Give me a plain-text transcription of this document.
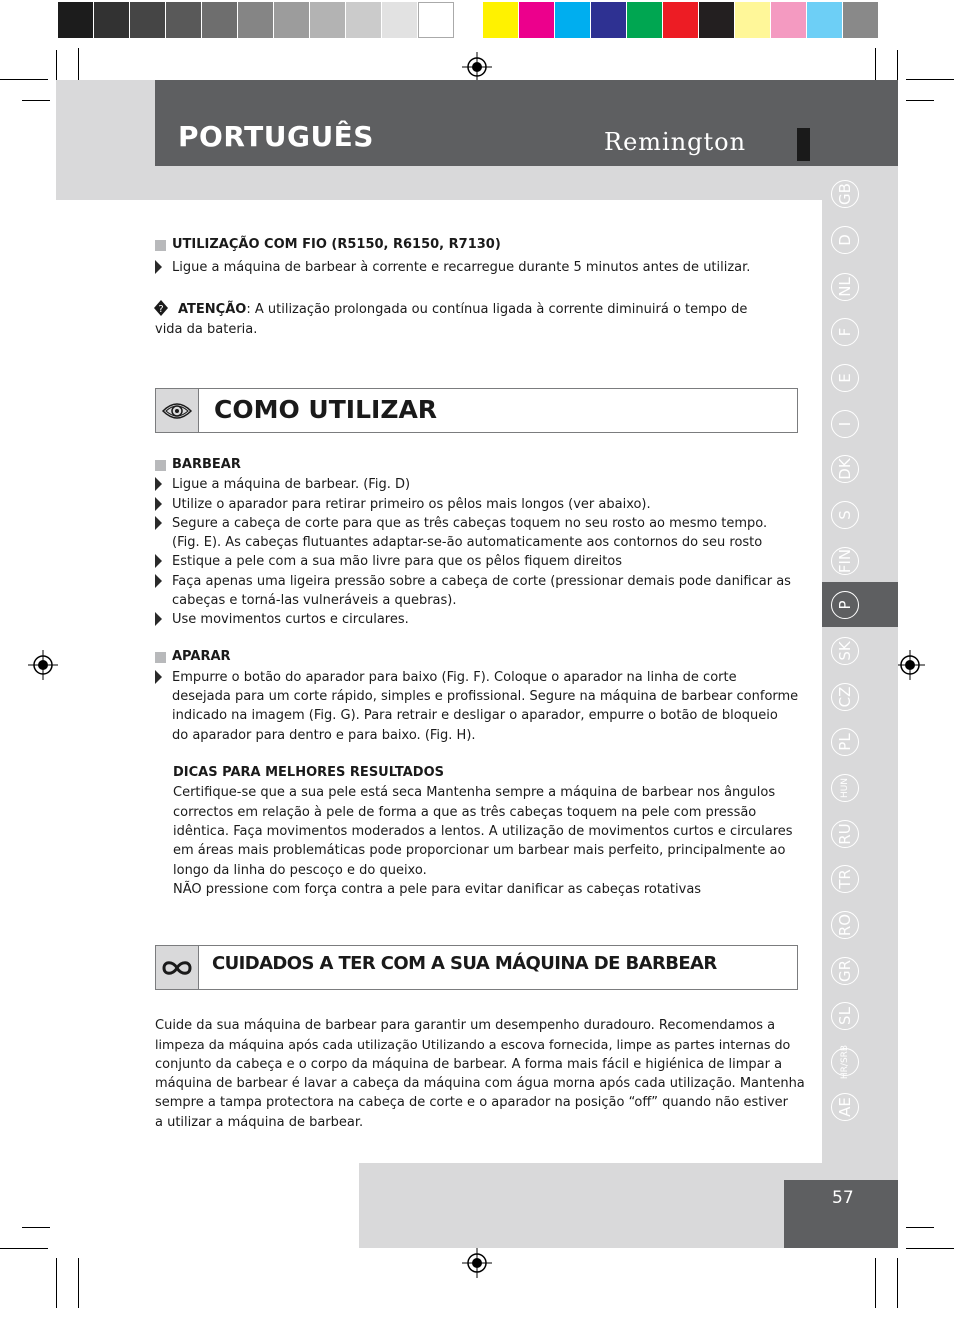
PORTUGUÊS	Remington
GB
D
NL
F
E
I
DK
S
FIN
P
SK
CZ
PL
HUN
RU
TR
RO
GR
SL
HR/SRB
AE
UTILIZAÇÃO COM FIO (R5150, R6150, R7130)
Ligue a máquina de barbear à corrente e recarregue durante 5 minutos antes de utilizar.
? ATENÇÃO: A utilização prolongada ou contínua ligada à corrente diminuirá o tempo de
vida da bateria.
COMO UTILIZAR
BARBEAR
Ligue a máquina de barbear. (Fig. D)
Utilize o aparador para retirar primeiro os pêlos mais longos (ver abaixo).
Segure a cabeça de corte para que as três cabeças toquem no seu rosto ao mesmo tempo.
(Fig. E). As cabeças flutuantes adaptar-se-ão automaticamente aos contornos do seu rosto
Estique a pele com a sua mão livre para que os pêlos fiquem direitos
Faça apenas uma ligeira pressão sobre a cabeça de corte (pressionar demais pode danificar as
cabeças e torná-las vulneráveis a quebras).
Use movimentos curtos e circulares.
APARAR
Empurre o botão do aparador para baixo (Fig. F). Coloque o aparador na linha de corte
desejada para um corte rápido, simples e profissional. Segure na máquina de barbear conforme
indicado na imagem (Fig. G). Para retrair e desligar o aparador, empurre o botão de bloqueio
do aparador para dentro e para baixo. (Fig. H).
DICAS PARA MELHORES RESULTADOS
Certifique-se que a sua pele está seca Mantenha sempre a máquina de barbear nos ângulos
correctos em relação à pele de forma a que as três cabeças toquem na pele com pressão
idêntica. Faça movimentos moderados a lentos. A utilização de movimentos curtos e circulares
em áreas mais problemáticas pode proporcionar um barbear mais perfeito, principalmente ao
longo da linha do pescoço e do queixo.
NÃO pressione com força contra a pele para evitar danificar as cabeças rotativas
CUIDADOS A TER COM A SUA MÁQUINA DE BARBEAR
Cuide da sua máquina de barbear para garantir um desempenho duradouro. Recomendamos a
limpeza da máquina após cada utilização Utilizando a escova fornecida, limpe as partes internas do
conjunto da cabeça e o corpo da máquina de barbear. A forma mais fácil e higiénica de limpar a
máquina de barbear é lavar a cabeça da máquina com água morna após cada utilização. Mantenha
sempre a tampa protectora na cabeça de corte e o aparador na posição “off” quando não estiver
a utilizar a máquina de barbear.
57
